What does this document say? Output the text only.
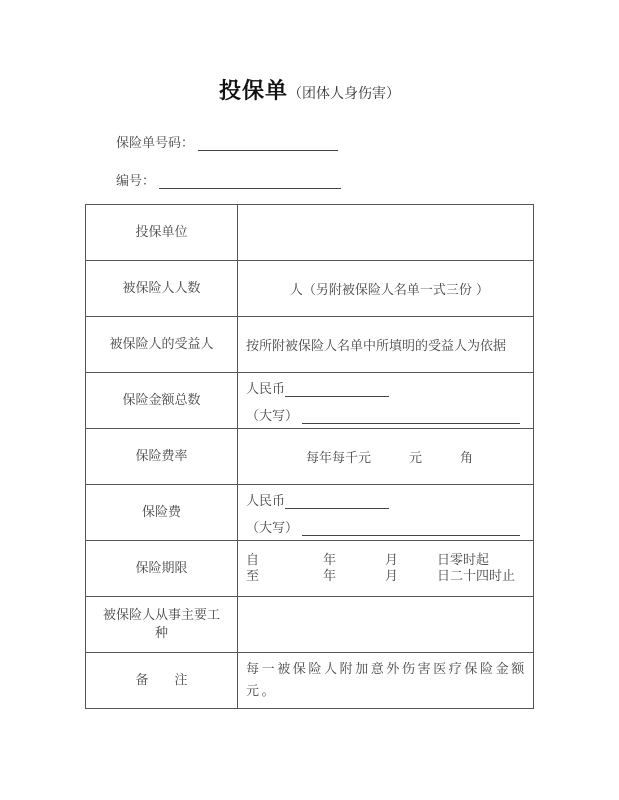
投保单（团体人身伤害）
保险单号码：
编号：
投保单位	
被保险人人数	人（另附被保险人名单一式三份 ）
被保险人的受益人	按所附被保险人名单中所填明的受益人为依据
保险金额总数	人民币
（大写）

保险费率	每年每千元 元 角
保险费	人民币
（大写）

保险期限	
自	年	月	日零时起
至	年	月	日二十四时止

被保险人从事主要工
种	

备　　注	每一被保险人附加意外伤害医疗保险金额元。
